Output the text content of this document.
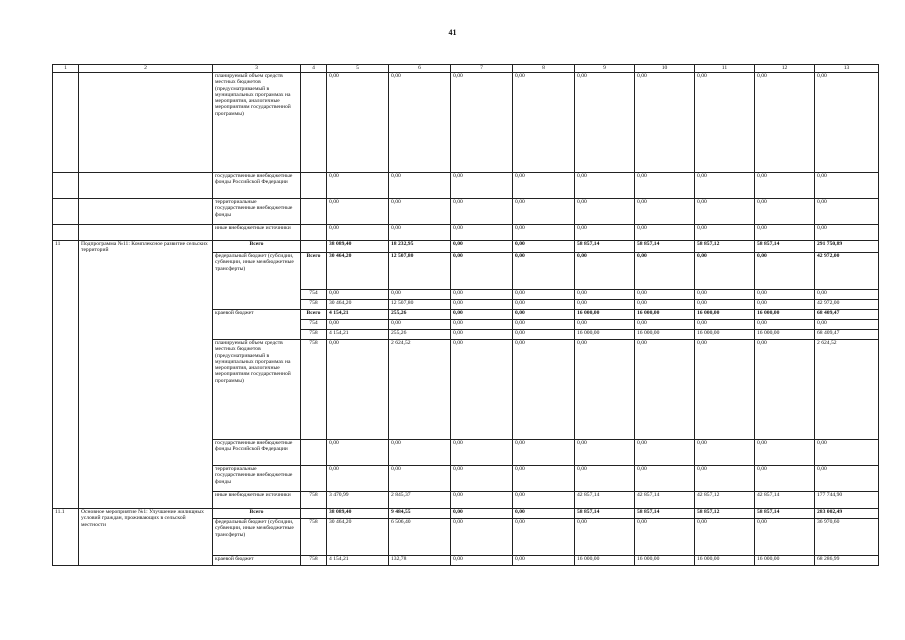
41
1	2	3	4	5	6	7	8	9	10	11	12	13
		планируемый объем средств местных бюджетов (предусматриваемый в муниципальных программах на мероприятия, аналогичные мероприятиям государственной программы)		0,00	0,00	0,00	0,00	0,00	0,00	0,00	0,00	0,00
		государственные внебюджетные фонды Российской Федерации		0,00	0,00	0,00	0,00	0,00	0,00	0,00	0,00	0,00
		территориальные государственные внебюджетные фонды		0,00	0,00	0,00	0,00	0,00	0,00	0,00	0,00	0,00
		иные внебюджетные источники		0,00	0,00	0,00	0,00	0,00	0,00	0,00	0,00	0,00
11	Подпрограмма №11: Комплексное развитие сельских территорий	Всего		38 089,40	18 232,95	0,00	0,00	58 857,14	58 857,14	58 857,12	58 857,14	291 750,89
		федеральный бюджет (субсидии, субвенции, иные межбюджетные трансферты)	Всего	30 464,20	12 507,80	0,00	0,00	0,00	0,00	0,00	0,00	42 972,00
			754	0,00	0,00	0,00	0,00	0,00	0,00	0,00	0,00	0,00
			758	30 464,20	12 507,80	0,00	0,00	0,00	0,00	0,00	0,00	42 972,00
		краевой бюджет	Всего	4 154,21	255,26	0,00	0,00	16 000,00	16 000,00	16 000,00	16 000,00	68 409,47
			754	0,00	0,00	0,00	0,00	0,00	0,00	0,00	0,00	0,00
			758	4 154,21	255,26	0,00	0,00	16 000,00	16 000,00	16 000,00	16 000,00	68 409,47
		планируемый объем средств местных бюджетов (предусматриваемый в муниципальных программах на мероприятия, аналогичные мероприятиям государственной программы)	758	0,00	2 624,52	0,00	0,00	0,00	0,00	0,00	0,00	2 624,52
		государственные внебюджетные фонды Российской Федерации		0,00	0,00	0,00	0,00	0,00	0,00	0,00	0,00	0,00
		территориальные государственные внебюджетные фонды		0,00	0,00	0,00	0,00	0,00	0,00	0,00	0,00	0,00
		иные внебюджетные источники	758	3 470,99	2 845,37	0,00	0,00	42 857,14	42 857,14	42 857,12	42 857,14	177 744,90
11.1	Основное мероприятие №1: Улучшение жилищных условий граждан, проживающих в сельской местности	Всего		38 089,40	9 484,55	0,00	0,00	58 857,14	58 857,14	58 857,12	58 857,14	283 002,49
		федеральный бюджет (субсидии, субвенции, иные межбюджетные трансферты)	758	30 464,20	6 506,40	0,00	0,00	0,00	0,00	0,00	0,00	36 970,60
		краевой бюджет	758	4 154,21	132,78	0,00	0,00	16 000,00	16 000,00	16 000,00	16 000,00	68 286,99
